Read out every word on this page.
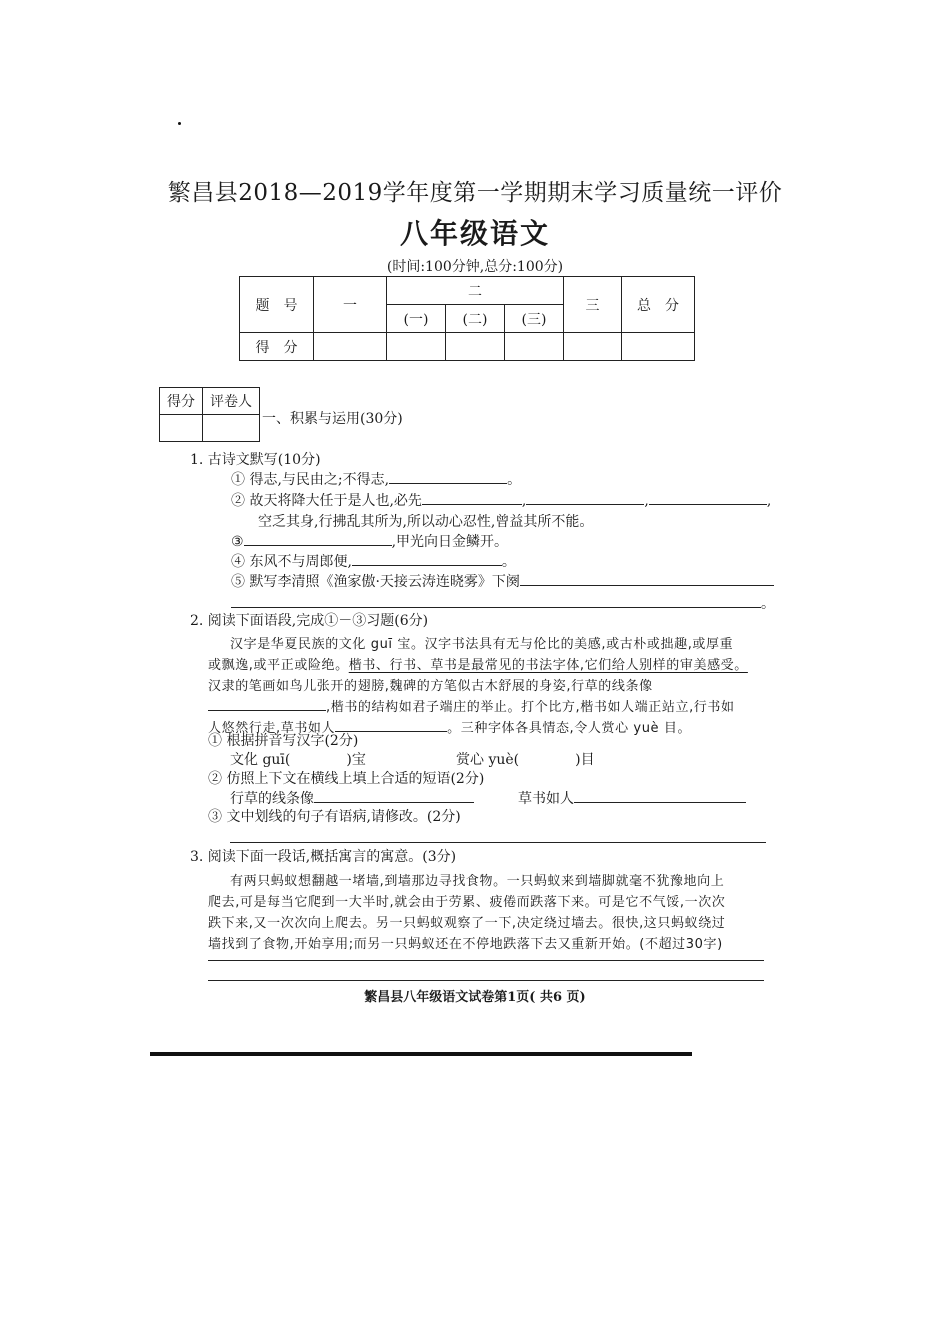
繁昌县2018—2019学年度第一学期期末学习质量统一评价
八年级语文
(时间:100分钟,总分:100分)
题　号	一	二			三	总　分
		(一)	(二)	(三)		
得　分						
得分	评卷人

一、积累与运用(30分)
1. 古诗文默写(10分)
① 得志,与民由之;不得志,	。
② 故天将降大任于是人也,必先	,	,	,
空乏其身,行拂乱其所为,所以动心忍性,曾益其所不能。
③	,甲光向日金鳞开。
④ 东风不与周郎便,	。
⑤ 默写李清照《渔家傲·天接云涛连晓雾》下阕
。
2. 阅读下面语段,完成①－③习题(6分)
汉字是华夏民族的文化 guī 宝。汉字书法具有无与伦比的美感,或古朴或拙趣,或厚重
或飘逸,或平正或险绝。楷书、行书、草书是最常见的书法字体,它们给人别样的审美感受。
汉隶的笔画如鸟儿张开的翅膀,魏碑的方笔似古木舒展的身姿,行草的线条像
,楷书的结构如君子端庄的举止。打个比方,楷书如人端正站立,行书如
人悠然行走,草书如人	。三种字体各具情态,令人赏心 yuè 目。
① 根据拼音写汉字(2分)
文化 guī(　　　　)宝	赏心 yuè(　　　　)目
② 仿照上下文在横线上填上合适的短语(2分)
行草的线条像	草书如人
③ 文中划线的句子有语病,请修改。(2分)
3. 阅读下面一段话,概括寓言的寓意。(3分)
有两只蚂蚁想翻越一堵墙,到墙那边寻找食物。一只蚂蚁来到墙脚就毫不犹豫地向上
爬去,可是每当它爬到一大半时,就会由于劳累、疲倦而跌落下来。可是它不气馁,一次次
跌下来,又一次次向上爬去。另一只蚂蚁观察了一下,决定绕过墙去。很快,这只蚂蚁绕过
墙找到了食物,开始享用;而另一只蚂蚁还在不停地跌落下去又重新开始。(不超过30字)
繁昌县八年级语文试卷第1页( 共6 页)
